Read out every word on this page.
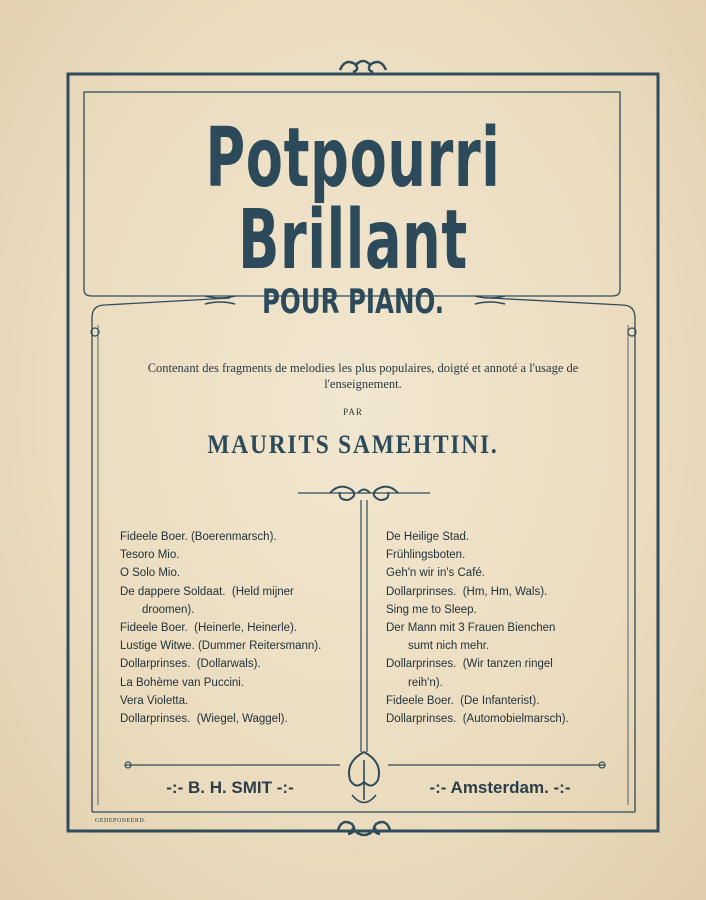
Potpourri Brillant
POUR PIANO.
Contenant des fragments de melodies les plus populaires, doigté et annoté a l'usage de l'enseignement.
PAR
MAURITS SAMEHTINI.
Fideele Boer. (Boerenmarsch).
Tesoro Mio.
O Solo Mio.
De dappere Soldaat.  (Held mijner
droomen).
Fideele Boer.  (Heinerle, Heinerle).
Lustige Witwe. (Dummer Reitersmann).
Dollarprinses.  (Dollarwals).
La Bohème van Puccini.
Vera Violetta.
Dollarprinses.  (Wiegel, Waggel).
De Heilige Stad.
Frühlingsboten.
Geh'n wir in's Café.
Dollarprinses.  (Hm, Hm, Wals).
Sing me to Sleep.
Der Mann mit 3 Frauen Bienchen
sumt nich mehr.
Dollarprinses.  (Wir tanzen ringel
reih'n).
Fideele Boer.  (De Infanterist).
Dollarprinses.  (Automobielmarsch).
-:- B. H. SMIT -:-	-:- Amsterdam. -:-
GEDEPONEERD.
